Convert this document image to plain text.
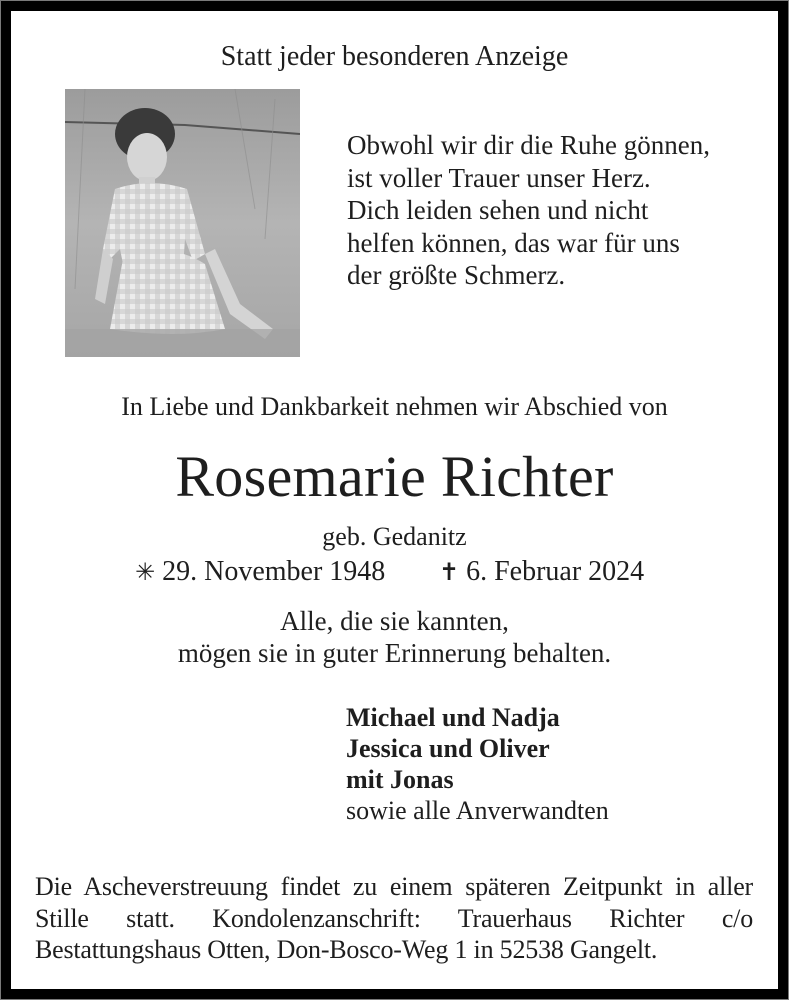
Statt jeder besonderen Anzeige

Obwohl wir dir die Ruhe gönnen,
ist voller Trauer unser Herz.
Dich leiden sehen und nicht
helfen können, das war für uns
der größte Schmerz.

In Liebe und Dankbarkeit nehmen wir Abschied von

Rosemarie Richter

geb. Gedanitz

✳ 29. November 1948 ✝ 6. Februar 2024
Alle, die sie kannten,
mögen sie in guter Erinnerung behalten.
Michael und Nadja
Jessica und Oliver
mit Jonas
sowie alle Anverwandten
Die Ascheverstreuung findet zu einem späteren Zeitpunkt in aller
Stille statt. Kondolenzanschrift: Trauerhaus Richter c/o
Bestattungshaus Otten, Don-Bosco-Weg 1 in 52538 Gangelt.
